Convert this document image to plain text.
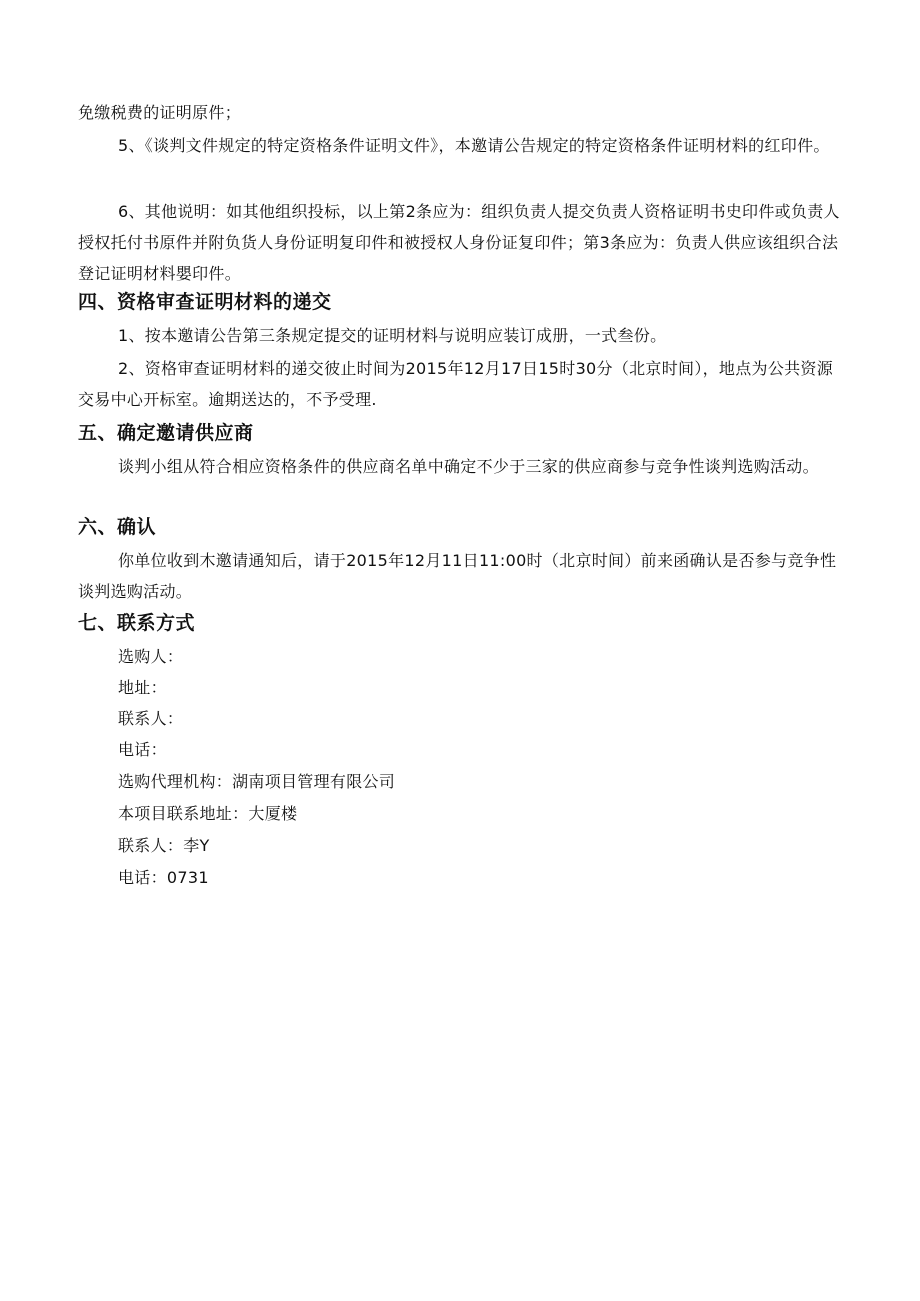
免缴税费的证明原件；

5、《谈判文件规定的特定资格条件证明文件》，本邀请公告规定的特定资格条件证明材料的红印件。

6、其他说明：如其他组织投标，以上第2条应为：组织负责人提交负责人资格证明书史印件或负责人授权托付书原件并附负货人身份证明复印件和被授权人身份证复印件；第3条应为：负责人供应该组织合法登记证明材料嬰印件。

四、资格审查证明材料的递交

1、按本邀请公告第三条规定提交的证明材料与说明应装订成册，一式叁份。

2、资格审查证明材料的递交彼止时间为2015年12月17日15时30分（北京时间），地点为公共资源交易中心开标室。逾期送达的，不予受理.

五、确定邀请供应商

谈判小组从符合相应资格条件的供应商名单中确定不少于三家的供应商参与竞争性谈判选购活动。

六、确认

你单位收到木邀请通知后，请于2015年12月11日11:00时（北京时间）前来函确认是否参与竞争性谈判选购活动。

七、联系方式

选购人：

地址：

联系人：

电话：

选购代理机构：湖南项目管理有限公司

本项目联系地址：大厦楼

联系人：李Y

电话：0731
